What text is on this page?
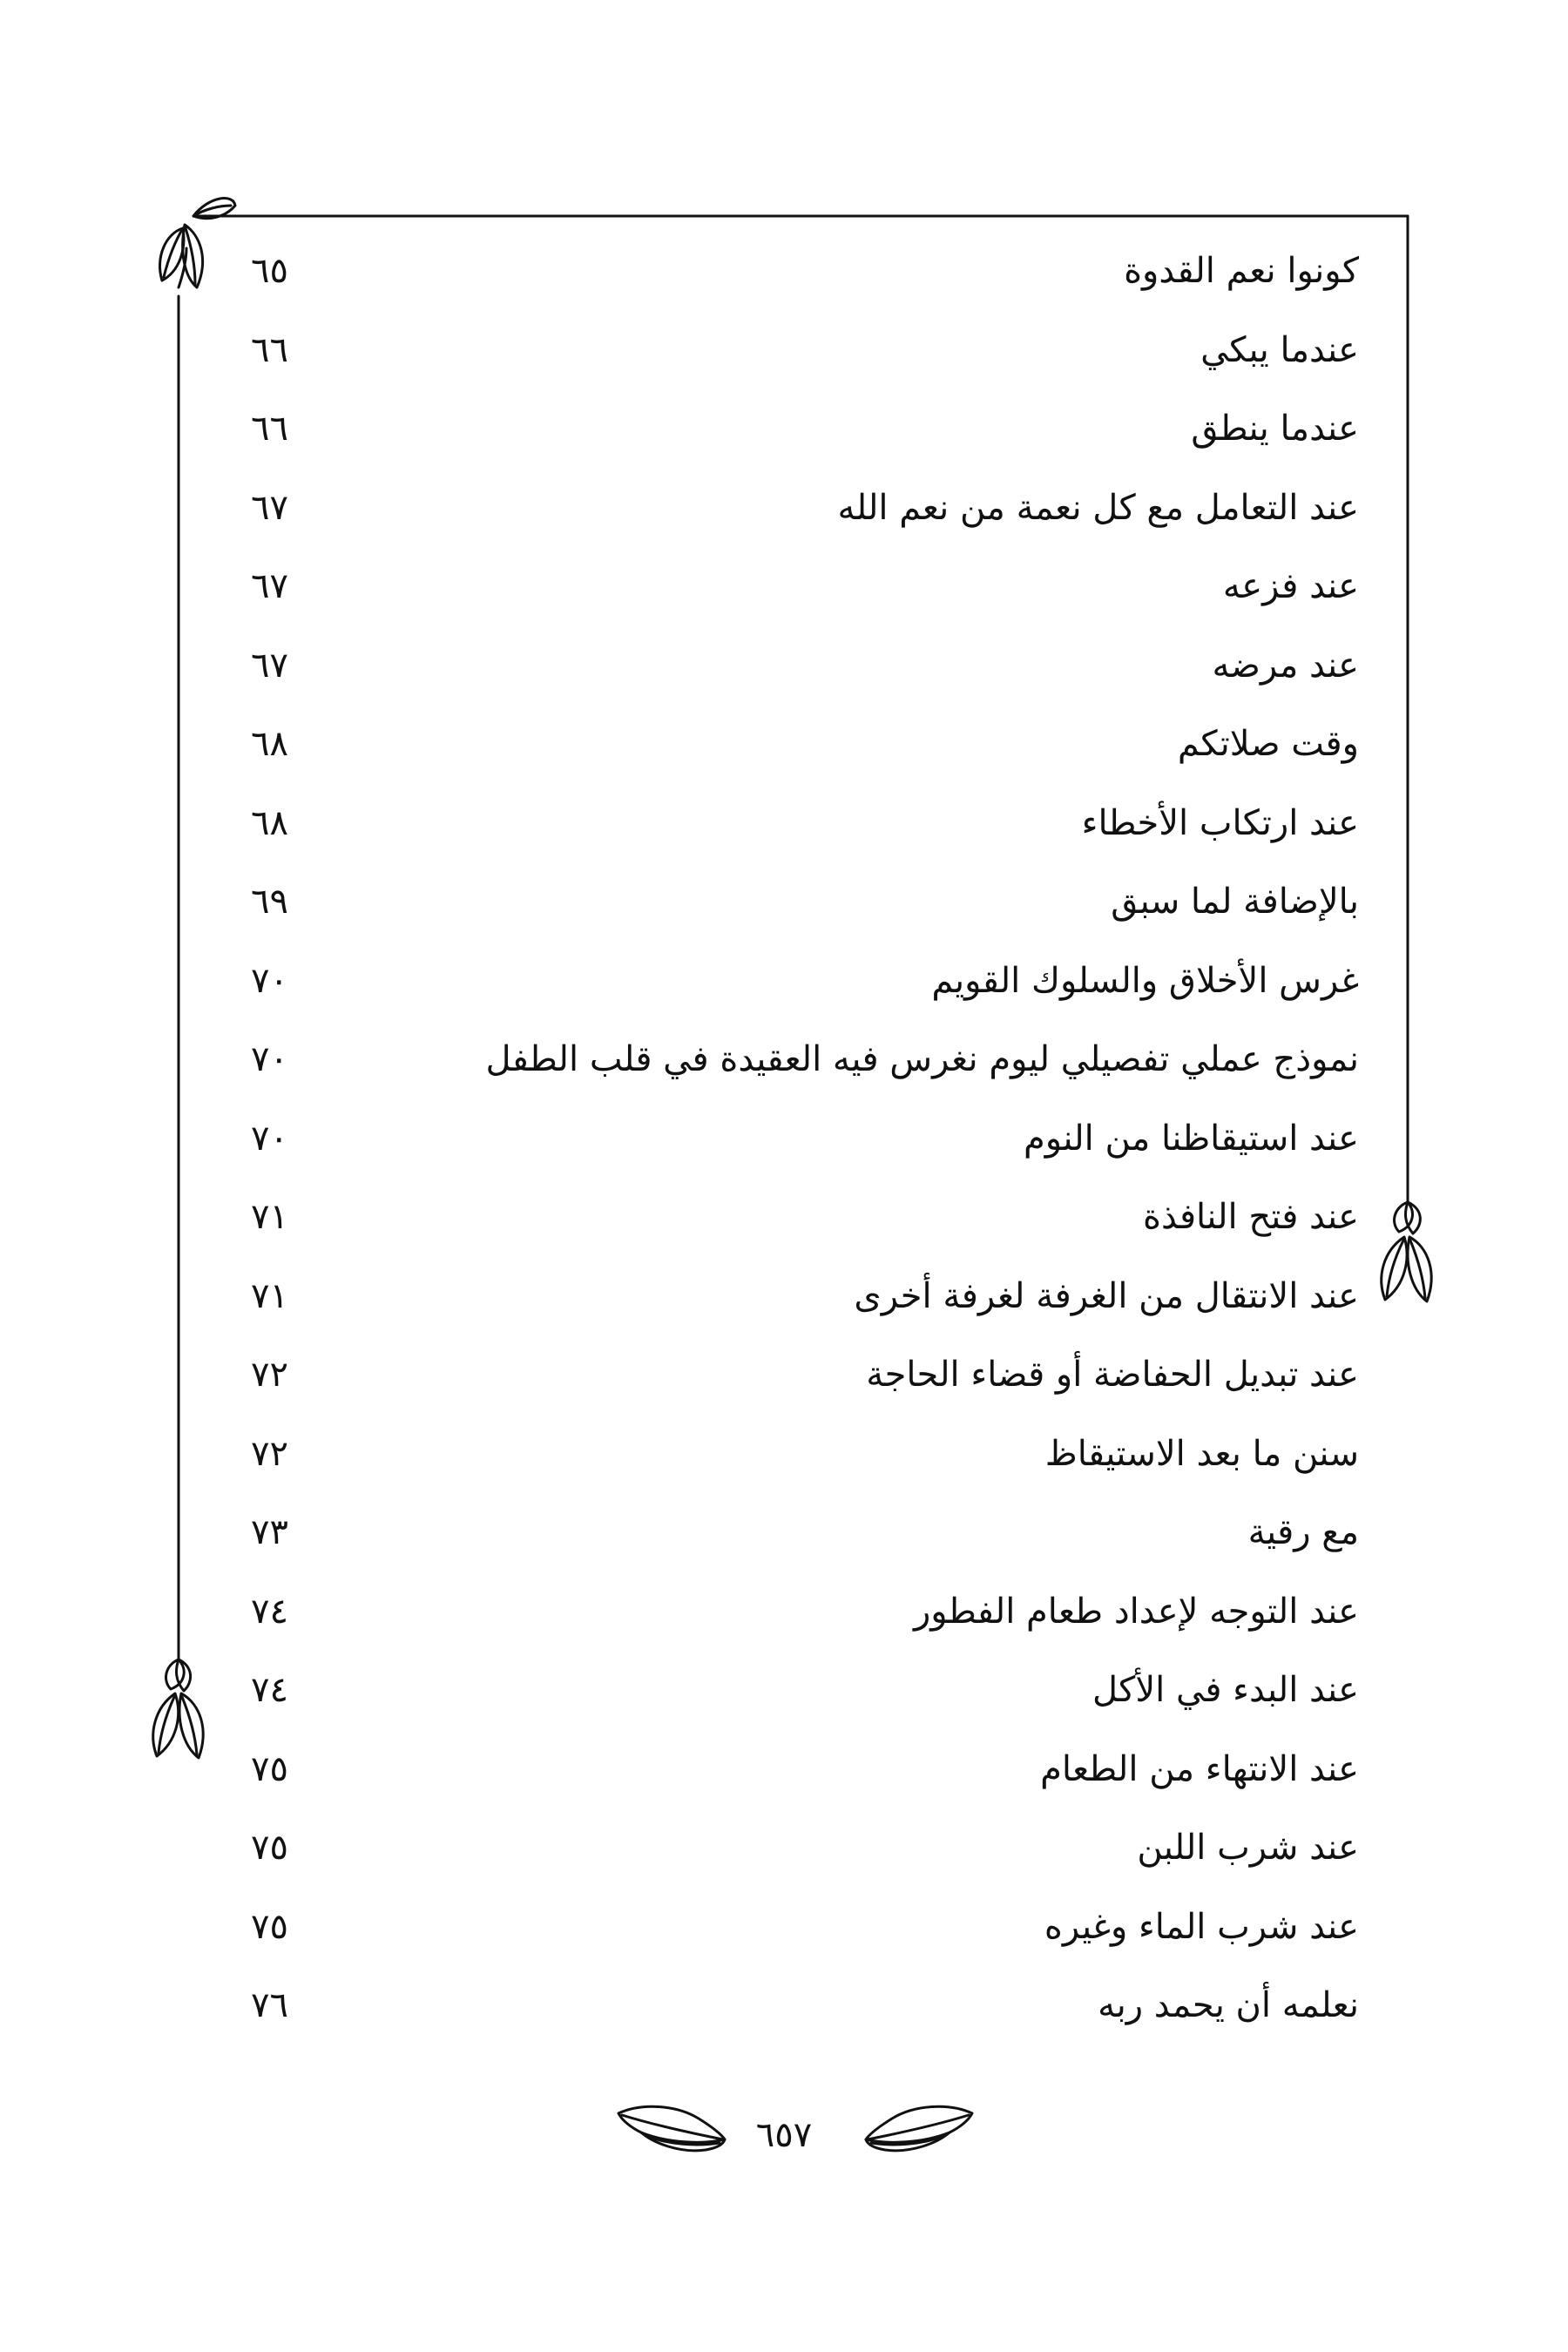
كونوا نعم القدوة
٦٥
عندما يبكي
٦٦
عندما ينطق
٦٦
عند التعامل مع كل نعمة من نعم الله
٦٧
عند فزعه
٦٧
عند مرضه
٦٧
وقت صلاتكم
٦٨
عند ارتكاب الأخطاء
٦٨
بالإضافة لما سبق
٦٩
غرس الأخلاق والسلوك القويم
٧٠
نموذج عملي تفصيلي ليوم نغرس فيه العقيدة في قلب الطفل
٧٠
عند استيقاظنا من النوم
٧٠
عند فتح النافذة
٧١
عند الانتقال من الغرفة لغرفة أخرى
٧١
عند تبديل الحفاضة أو قضاء الحاجة
٧٢
سنن ما بعد الاستيقاظ
٧٢
مع رقية
٧٣
عند التوجه لإعداد طعام الفطور
٧٤
عند البدء في الأكل
٧٤
عند الانتهاء من الطعام
٧٥
عند شرب اللبن
٧٥
عند شرب الماء وغيره
٧٥
نعلمه أن يحمد ربه
٧٦
٦٥٧
